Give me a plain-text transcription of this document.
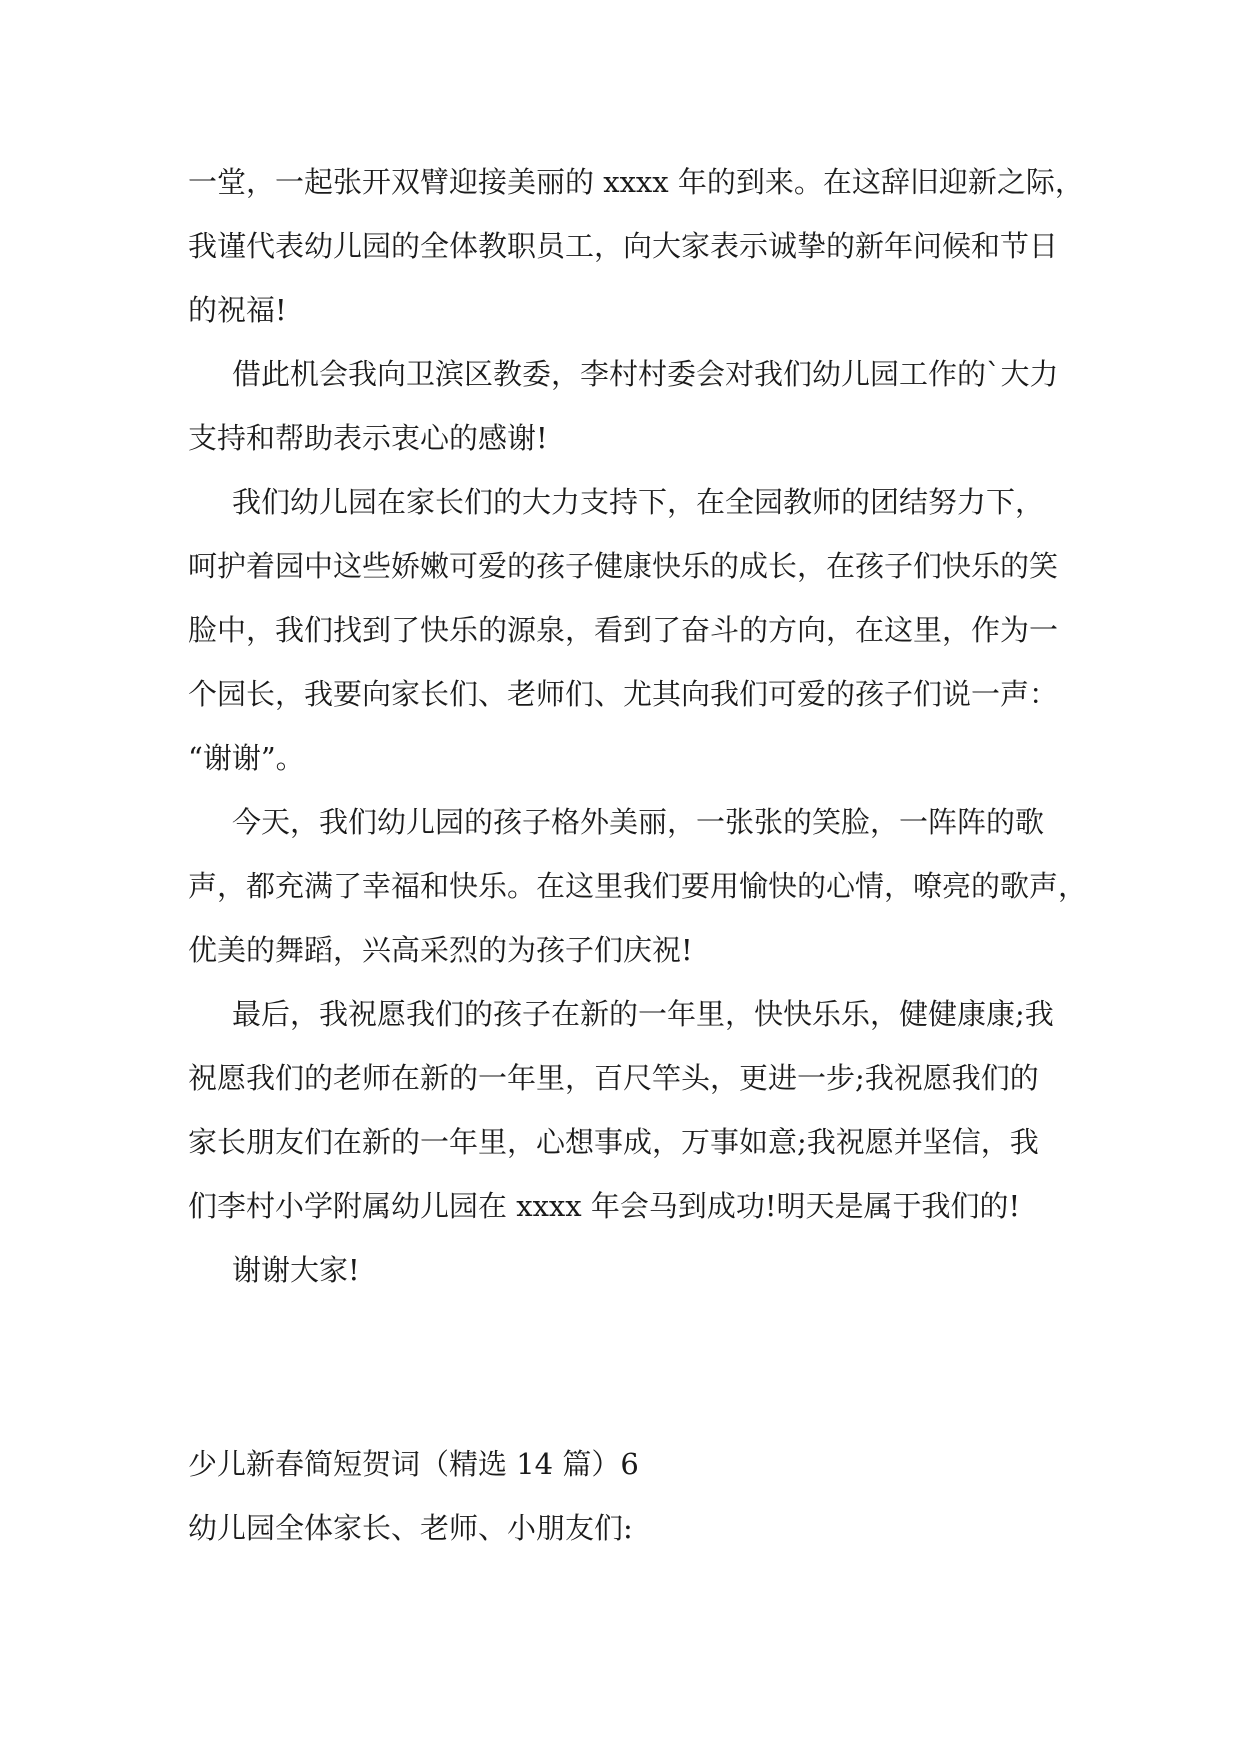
一堂，一起张开双臂迎接美丽的 xxxx 年的到来。在这辞旧迎新之际，
我谨代表幼儿园的全体教职员工，向大家表示诚挚的新年问候和节日
的祝福!
借此机会我向卫滨区教委，李村村委会对我们幼儿园工作的`大力
支持和帮助表示衷心的感谢!
我们幼儿园在家长们的大力支持下，在全园教师的团结努力下，
呵护着园中这些娇嫩可爱的孩子健康快乐的成长，在孩子们快乐的笑
脸中，我们找到了快乐的源泉，看到了奋斗的方向，在这里，作为一
个园长，我要向家长们、老师们、尤其向我们可爱的孩子们说一声：
“谢谢”。
今天，我们幼儿园的孩子格外美丽，一张张的笑脸，一阵阵的歌
声，都充满了幸福和快乐。在这里我们要用愉快的心情，嘹亮的歌声，
优美的舞蹈，兴高采烈的为孩子们庆祝!
最后，我祝愿我们的孩子在新的一年里，快快乐乐，健健康康;我
祝愿我们的老师在新的一年里，百尺竿头，更进一步;我祝愿我们的
家长朋友们在新的一年里，心想事成，万事如意;我祝愿并坚信，我
们李村小学附属幼儿园在 xxxx 年会马到成功!明天是属于我们的!
谢谢大家!
少儿新春简短贺词（精选 14 篇）6
幼儿园全体家长、老师、小朋友们:
